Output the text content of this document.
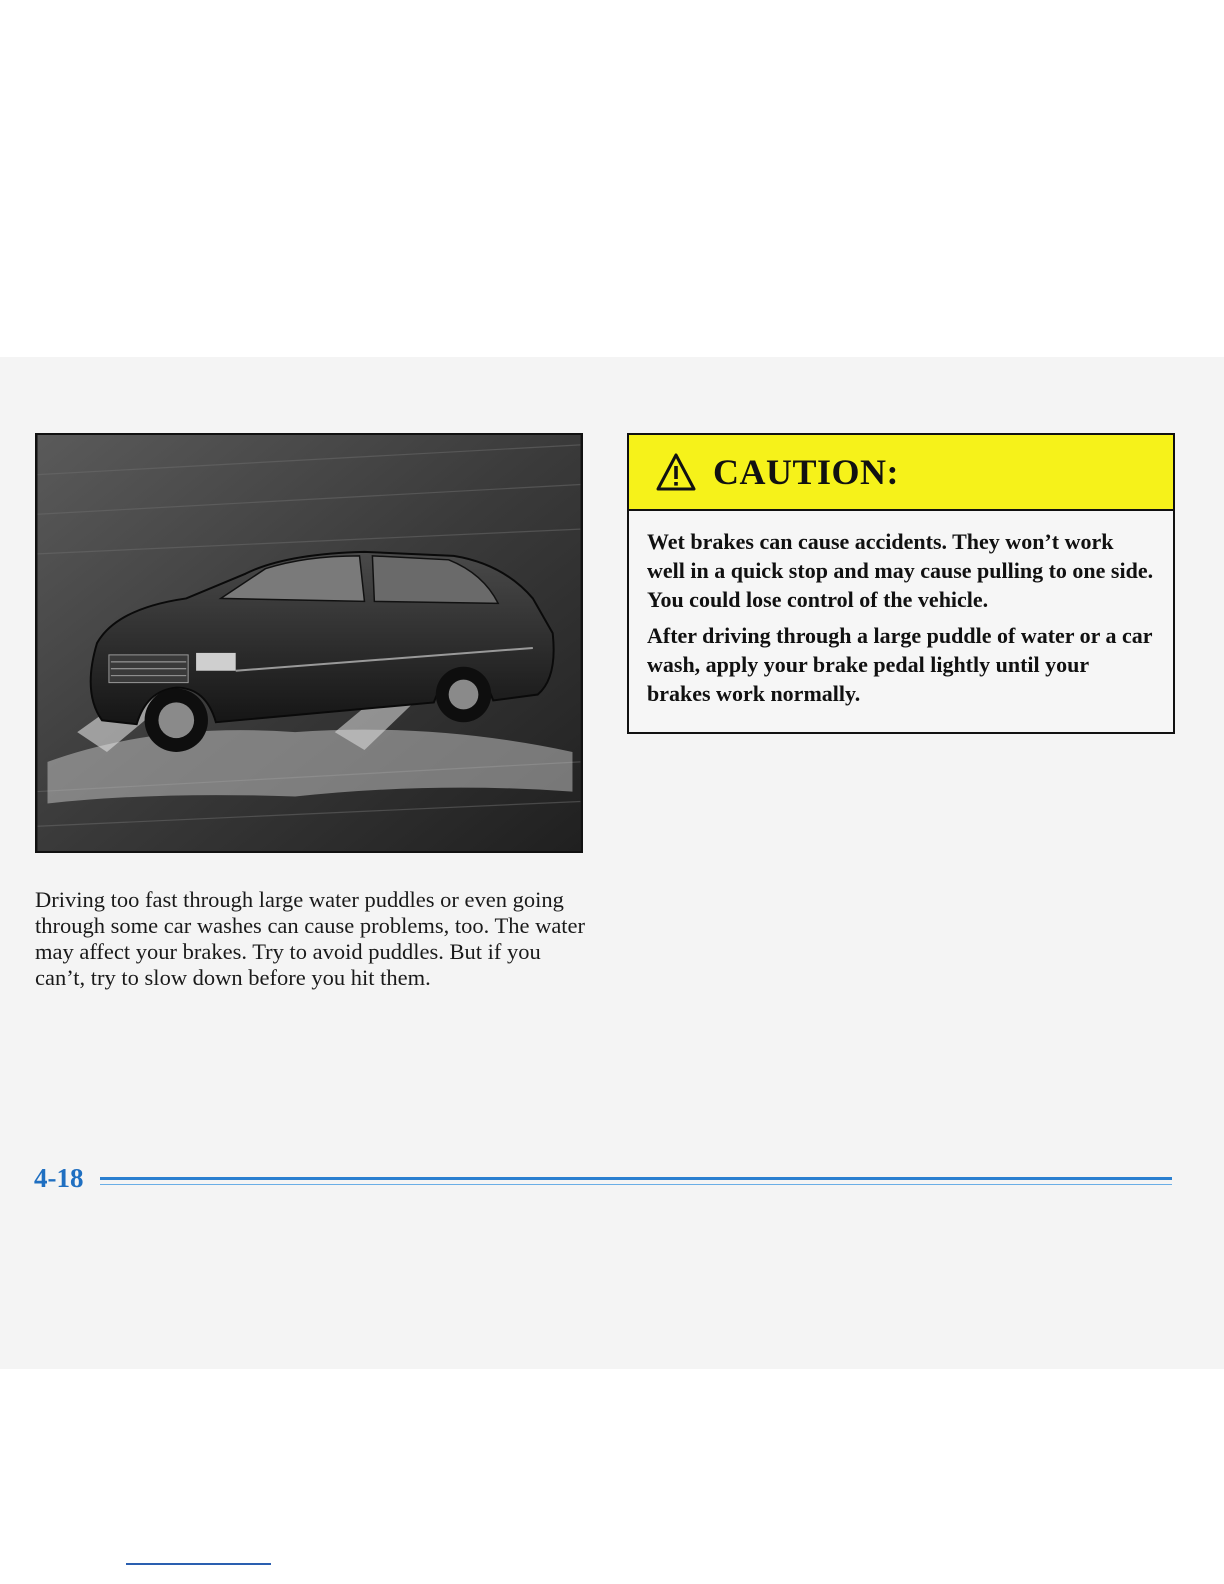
CAUTION:

Wet brakes can cause accidents. They won’t work well in a quick stop and may cause pulling to one side. You could lose control of the vehicle.

After driving through a large puddle of water or a car wash, apply your brake pedal lightly until your brakes work normally.

Driving too fast through large water puddles or even going through some car washes can cause problems, too. The water may affect your brakes. Try to avoid puddles. But if you can’t, try to slow down before you hit them.
4-18
